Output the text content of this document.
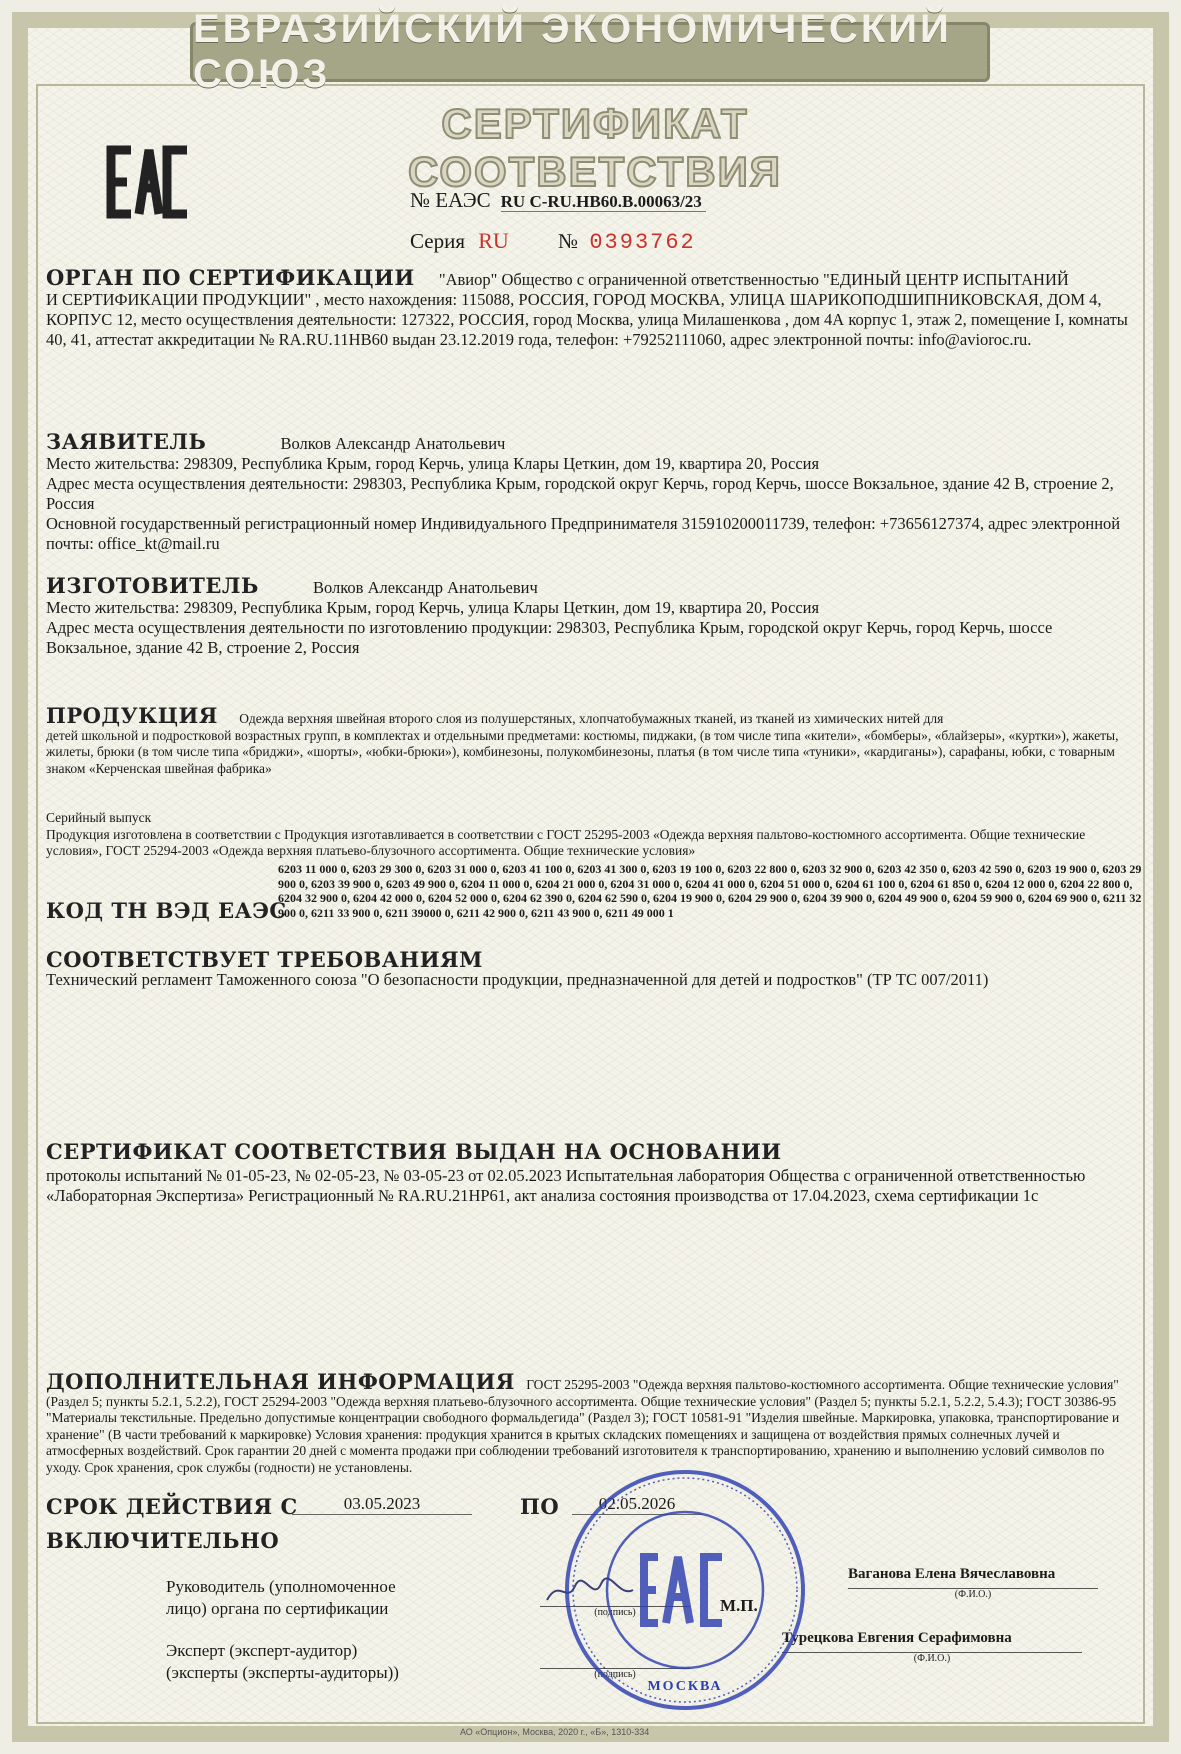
ЕВРАЗИЙСКИЙ ЭКОНОМИЧЕСКИЙ СОЮЗ
СЕРТИФИКАТ СООТВЕТСТВИЯ
№ ЕАЭС RU C-RU.НВ60.В.00063/23
Серия RU № 0393762
ОРГАН ПО СЕРТИФИКАЦИИ "Авиор" Общество с ограниченной ответственностью "ЕДИНЫЙ ЦЕНТР ИСПЫТАНИЙ
И СЕРТИФИКАЦИИ ПРОДУКЦИИ" , место нахождения: 115088, РОССИЯ, ГОРОД МОСКВА, УЛИЦА ШАРИКОПОДШИПНИКОВСКАЯ, ДОМ 4, КОРПУС 12, место осуществления деятельности: 127322, РОССИЯ, город Москва, улица Милашенкова , дом 4А корпус 1, этаж 2, помещение I, комнаты 40, 41, аттестат аккредитации № RA.RU.11НВ60 выдан 23.12.2019 года, телефон: +79252111060, адрес электронной почты: info@aviorоc.ru.
ЗАЯВИТЕЛЬ	Волков Александр Анатольевич
Место жительства: 298309, Республика Крым, город Керчь, улица Клары Цеткин, дом 19, квартира 20, Россия
Адрес места осуществления деятельности: 298303, Республика Крым, городской округ Керчь, город Керчь, шоссе Вокзальное, здание 42 В, строение 2, Россия
Основной государственный регистрационный номер Индивидуального Предпринимателя 315910200011739, телефон: +73656127374, адрес электронной почты: office_kt@mail.ru
ИЗГОТОВИТЕЛЬ	Волков Александр Анатольевич
Место жительства: 298309, Республика Крым, город Керчь, улица Клары Цеткин, дом 19, квартира 20, Россия
Адрес места осуществления деятельности по изготовлению продукции: 298303, Республика Крым, городской округ Керчь, город Керчь, шоссе Вокзальное, здание 42 В, строение 2, Россия
ПРОДУКЦИЯ Одежда верхняя швейная второго слоя из полушерстяных, хлопчатобумажных тканей, из тканей из химических нитей для
детей школьной и подростковой возрастных групп, в комплектах и отдельными предметами: костюмы, пиджаки, (в том числе типа «кители», «бомберы», «блайзеры», «куртки»), жакеты, жилеты, брюки (в том числе типа «бриджи», «шорты», «юбки-брюки»), комбинезоны, полукомбинезоны, платья (в том числе типа «туники», «кардиганы»), сарафаны, юбки, с товарным знаком «Керченская швейная фабрика»
Серийный выпуск
Продукция изготовлена в соответствии с Продукция изготавливается в соответствии с ГОСТ 25295-2003 «Одежда верхняя пальтово-костюмного ассортимента. Общие технические условия», ГОСТ 25294-2003 «Одежда верхняя платьево-блузочного ассортимента. Общие технические условия»
КОД ТН ВЭД ЕАЭС
6203 11 000 0, 6203 29 300 0, 6203 31 000 0, 6203 41 100 0, 6203 41 300 0, 6203 19 100 0, 6203 22 800 0, 6203 32 900 0, 6203 42 350 0, 6203 42 590 0, 6203 19 900 0, 6203 29 900 0, 6203 39 900 0, 6203 49 900 0, 6204 11 000 0, 6204 21 000 0, 6204 31 000 0, 6204 41 000 0, 6204 51 000 0, 6204 61 100 0, 6204 61 850 0, 6204 12 000 0, 6204 22 800 0, 6204 32 900 0, 6204 42 000 0, 6204 52 000 0, 6204 62 390 0, 6204 62 590 0, 6204 19 900 0, 6204 29 900 0, 6204 39 900 0, 6204 49 900 0, 6204 59 900 0, 6204 69 900 0, 6211 32 900 0, 6211 33 900 0, 6211 39000 0, 6211 42 900 0, 6211 43 900 0, 6211 49 000 1
СООТВЕТСТВУЕТ ТРЕБОВАНИЯМ
Технический регламент Таможенного союза "О безопасности продукции, предназначенной для детей и подростков" (ТР ТС 007/2011)
СЕРТИФИКАТ СООТВЕТСТВИЯ ВЫДАН НА ОСНОВАНИИ
протоколы испытаний № 01-05-23, № 02-05-23, № 03-05-23 от 02.05.2023 Испытательная лаборатория Общества с ограниченной ответственностью «Лабораторная Экспертиза» Регистрационный № RA.RU.21НР61, акт анализа состояния производства от 17.04.2023, схема сертификации 1с
ДОПОЛНИТЕЛЬНАЯ ИНФОРМАЦИЯ ГОСТ 25295-2003 "Одежда верхняя пальтово-костюмного ассортимента. Общие технические условия"
(Раздел 5; пункты 5.2.1, 5.2.2), ГОСТ 25294-2003 "Одежда верхняя платьево-блузочного ассортимента. Общие технические условия" (Раздел 5; пункты 5.2.1, 5.2.2, 5.4.3); ГОСТ 30386-95 "Материалы текстильные. Предельно допустимые концентрации свободного формальдегида" (Раздел 3); ГОСТ 10581-91 "Изделия швейные. Маркировка, упаковка, транспортирование и хранение" (В части требований к маркировке) Условия хранения: продукция хранится в крытых складских помещениях и защищена от воздействия прямых солнечных лучей и атмосферных воздействий. Срок гарантии 20 дней с момента продажи при соблюдении требований изготовителя к транспортированию, хранению и выполнению условий символов по уходу. Срок хранения, срок службы (годности) не установлены.
СРОК ДЕЙСТВИЯ С	03.05.2023	ПО	02.05.2026
ВКЛЮЧИТЕЛЬНО
Руководитель (уполномоченное
лицо) органа по сертификации	(подпись)	М.П.
Ваганова Елена Вячеславовна
(Ф.И.О.)
Эксперт (эксперт-аудитор)
(эксперты (эксперты-аудиторы))	(подпись)
Турецкова Евгения Серафимовна
(Ф.И.О.)
МОСКВА
АО «Опцион», Москва, 2020 г., «Б», 1310-334
